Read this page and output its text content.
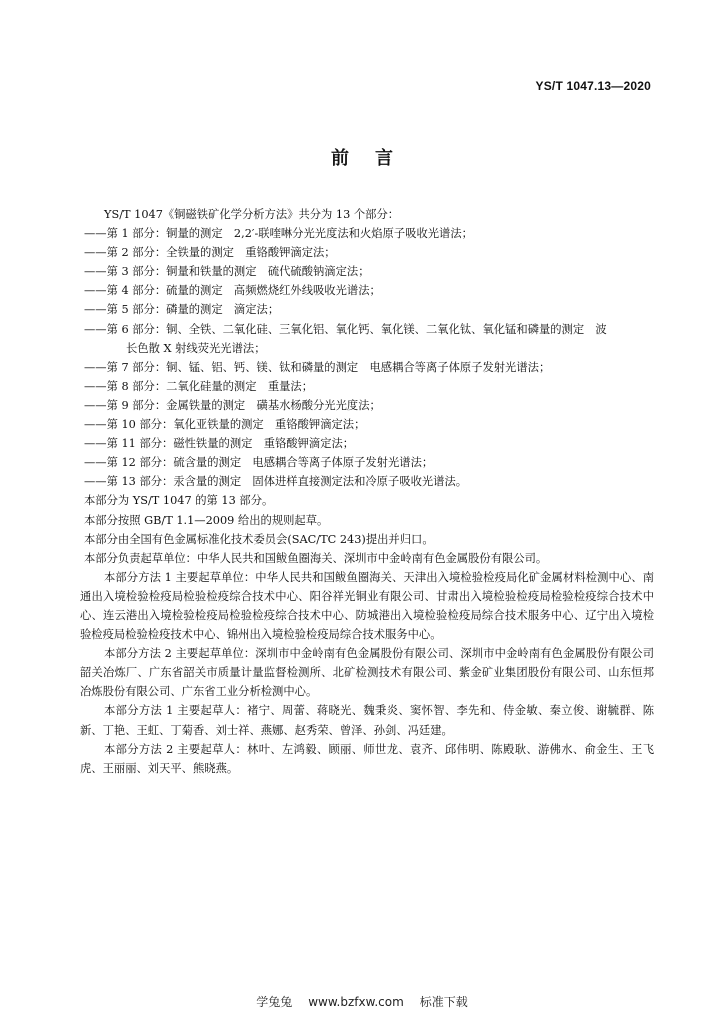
YS/T 1047.13—2020
前 言

YS/T 1047《铜磁铁矿化学分析方法》共分为 13 个部分：

——第 1 部分：铜量的测定　2,2′-联喹啉分光光度法和火焰原子吸收光谱法；

——第 2 部分：全铁量的测定　重铬酸钾滴定法；

——第 3 部分：铜量和铁量的测定　硫代硫酸钠滴定法；

——第 4 部分：硫量的测定　高频燃烧红外线吸收光谱法；

——第 5 部分：磷量的测定　滴定法；

——第 6 部分：铜、全铁、二氧化硅、三氧化铝、氧化钙、氧化镁、二氧化钛、氧化锰和磷量的测定　波

长色散 X 射线荧光光谱法；

——第 7 部分：铜、锰、铝、钙、镁、钛和磷量的测定　电感耦合等离子体原子发射光谱法；

——第 8 部分：二氧化硅量的测定　重量法；

——第 9 部分：金属铁量的测定　磺基水杨酸分光光度法；

——第 10 部分：氧化亚铁量的测定　重铬酸钾滴定法；

——第 11 部分：磁性铁量的测定　重铬酸钾滴定法；

——第 12 部分：硫含量的测定　电感耦合等离子体原子发射光谱法；

——第 13 部分：汞含量的测定　固体进样直接测定法和冷原子吸收光谱法。

本部分为 YS/T 1047 的第 13 部分。

本部分按照 GB/T 1.1—2009 给出的规则起草。

本部分由全国有色金属标准化技术委员会(SAC/TC 243)提出并归口。

本部分负责起草单位：中华人民共和国鲅鱼圈海关、深圳市中金岭南有色金属股份有限公司。

本部分方法 1 主要起草单位：中华人民共和国鲅鱼圈海关、天津出入境检验检疫局化矿金属材料检测中心、南通出入境检验检疫局检验检疫综合技术中心、阳谷祥光铜业有限公司、甘肃出入境检验检疫局检验检疫综合技术中心、连云港出入境检验检疫局检验检疫综合技术中心、防城港出入境检验检疫局综合技术服务中心、辽宁出入境检验检疫局检验检疫技术中心、锦州出入境检验检疫局综合技术服务中心。

本部分方法 2 主要起草单位：深圳市中金岭南有色金属股份有限公司、深圳市中金岭南有色金属股份有限公司韶关冶炼厂、广东省韶关市质量计量监督检测所、北矿检测技术有限公司、紫金矿业集团股份有限公司、山东恒邦冶炼股份有限公司、广东省工业分析检测中心。

本部分方法 1 主要起草人：褚宁、周蕾、蒋晓光、魏秉炎、窦怀智、李先和、侍金敏、秦立俊、谢毓群、陈新、丁艳、王虹、丁菊香、刘士祥、燕娜、赵秀荣、曾泽、孙剑、冯廷建。

本部分方法 2 主要起草人：林叶、左鸿毅、顾丽、师世龙、袁齐、邱伟明、陈殿耿、游佛水、俞金生、王飞虎、王丽丽、刘天平、熊晓燕。

学兔兔 www.bzfxw.com 标准下载
